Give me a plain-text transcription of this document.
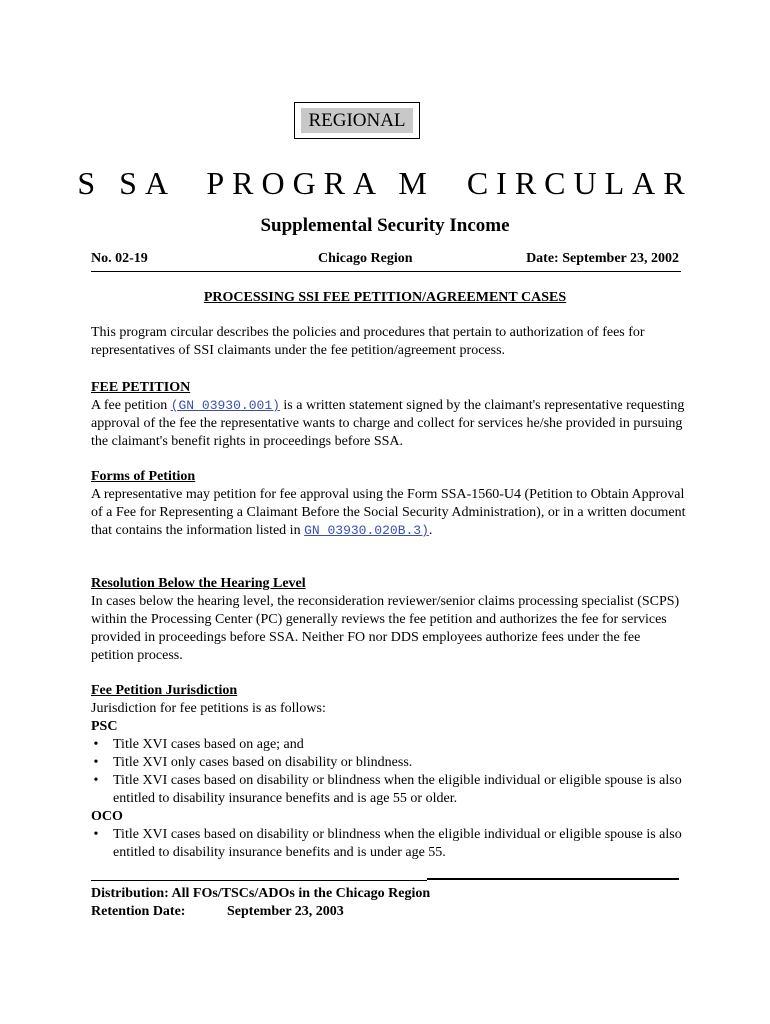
REGIONAL
S SA  PROGRA M  CIRCULAR
Supplemental Security Income
No. 02-19	Chicago Region	Date: September 23, 2002
PROCESSING SSI FEE PETITION/AGREEMENT CASES
This program circular describes the policies and procedures that pertain to authorization of fees for representatives of SSI claimants under the fee petition/agreement process.
FEE PETITION
A fee petition (GN 03930.001) is a written statement signed by the claimant's representative requesting approval of the fee the representative wants to charge and collect for services he/she provided in pursuing the claimant's benefit rights in proceedings before SSA.
Forms of Petition
A representative may petition for fee approval using the Form SSA-1560-U4 (Petition to Obtain Approval of a Fee for Representing a Claimant Before the Social Security Administration), or in a written document that contains the information listed in GN 03930.020B.3).
Resolution Below the Hearing Level
In cases below the hearing level, the reconsideration reviewer/senior claims processing specialist (SCPS) within the Processing Center (PC) generally reviews the fee petition and authorizes the fee for services provided in proceedings before SSA. Neither FO nor DDS employees authorize fees under the fee petition process.
Fee Petition Jurisdiction
Jurisdiction for fee petitions is as follows:
PSC
• Title XVI cases based on age; and
• Title XVI only cases based on disability or blindness.
• Title XVI cases based on disability or blindness when the eligible individual or eligible spouse is also entitled to disability insurance benefits and is age 55 or older.
OCO
• Title XVI cases based on disability or blindness when the eligible individual or eligible spouse is also entitled to disability insurance benefits and is under age 55.
Distribution: All FOs/TSCs/ADOs in the Chicago Region
Retention Date:	September 23, 2003
